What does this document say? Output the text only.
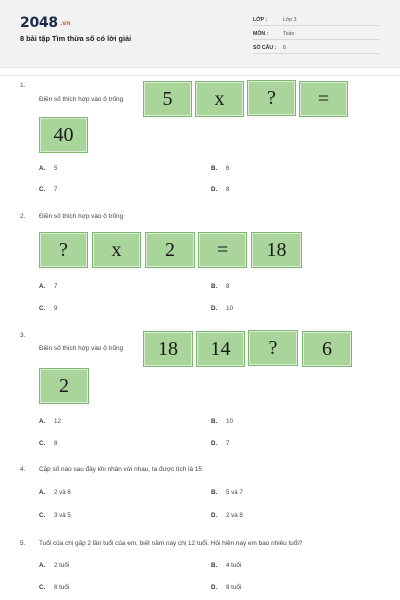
2048 .vn
8 bài tập Tìm thừa số có lời giải
LỚP :	Lớp 3
MÔN :	Toán
SỐ CÂU :	8
1.
Điền số thích hợp vào ô trống	5	x	?	=
40
A. 5	B. 6
C. 7	D. 8
2. Điền số thích hợp vào ô trống
?	x	2	=	18
A. 7	B. 8
C. 9	D. 10
3.
Điền số thích hợp vào ô trống	18	14	?	6
2
A. 12	B. 10
C. 8	D. 7
4. Cặp số nào sau đây khi nhân với nhau, ta được tích là 15
A. 2 và 6	B. 5 và 7
C. 3 và 5	D. 2 và 8
5. Tuổi của chị gấp 2 lần tuổi của em, biết năm nay chị 12 tuổi. Hỏi hiện nay em bao nhiêu tuổi?
A. 2 tuổi	B. 4 tuổi
C. 6 tuổi	D. 8 tuổi
